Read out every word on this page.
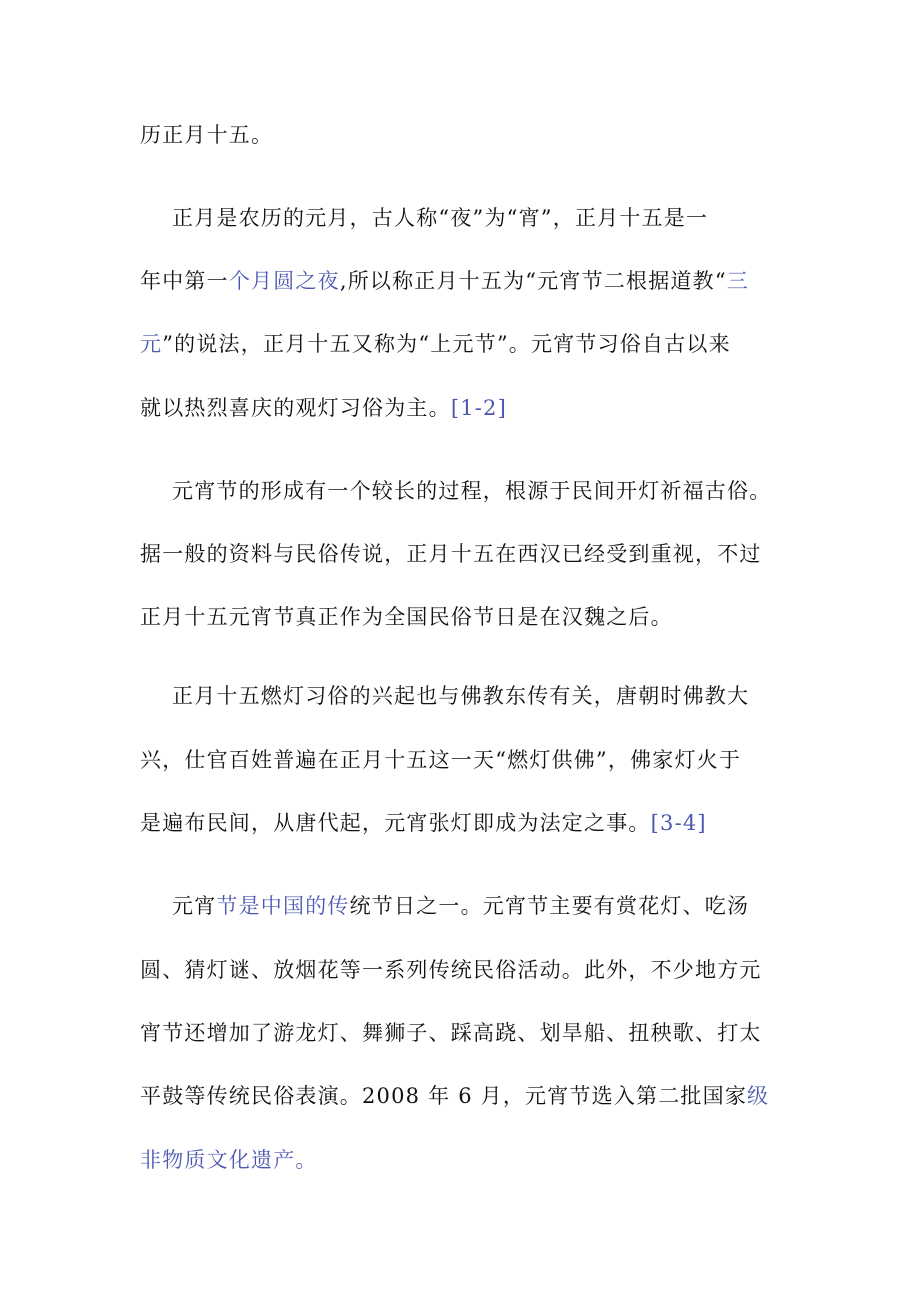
历正月十五。
正月是农历的元月，古人称“夜”为“宵”，正月十五是一
年中第一个月圆之夜,所以称正月十五为“元宵节二根据道教“三
元”的说法，正月十五又称为“上元节”。元宵节习俗自古以来
就以热烈喜庆的观灯习俗为主。[1-2]
元宵节的形成有一个较长的过程，根源于民间开灯祈福古俗。
据一般的资料与民俗传说，正月十五在西汉已经受到重视，不过
正月十五元宵节真正作为全国民俗节日是在汉魏之后。
正月十五燃灯习俗的兴起也与佛教东传有关，唐朝时佛教大
兴，仕官百姓普遍在正月十五这一天“燃灯供佛”，佛家灯火于
是遍布民间，从唐代起，元宵张灯即成为法定之事。[3-4]
元宵节是中国的传统节日之一。元宵节主要有赏花灯、吃汤
圆、猜灯谜、放烟花等一系列传统民俗活动。此外，不少地方元
宵节还增加了游龙灯、舞狮子、踩高跷、划旱船、扭秧歌、打太
平鼓等传统民俗表演。2008 年 6 月，元宵节选入第二批国家级
非物质文化遗产。
